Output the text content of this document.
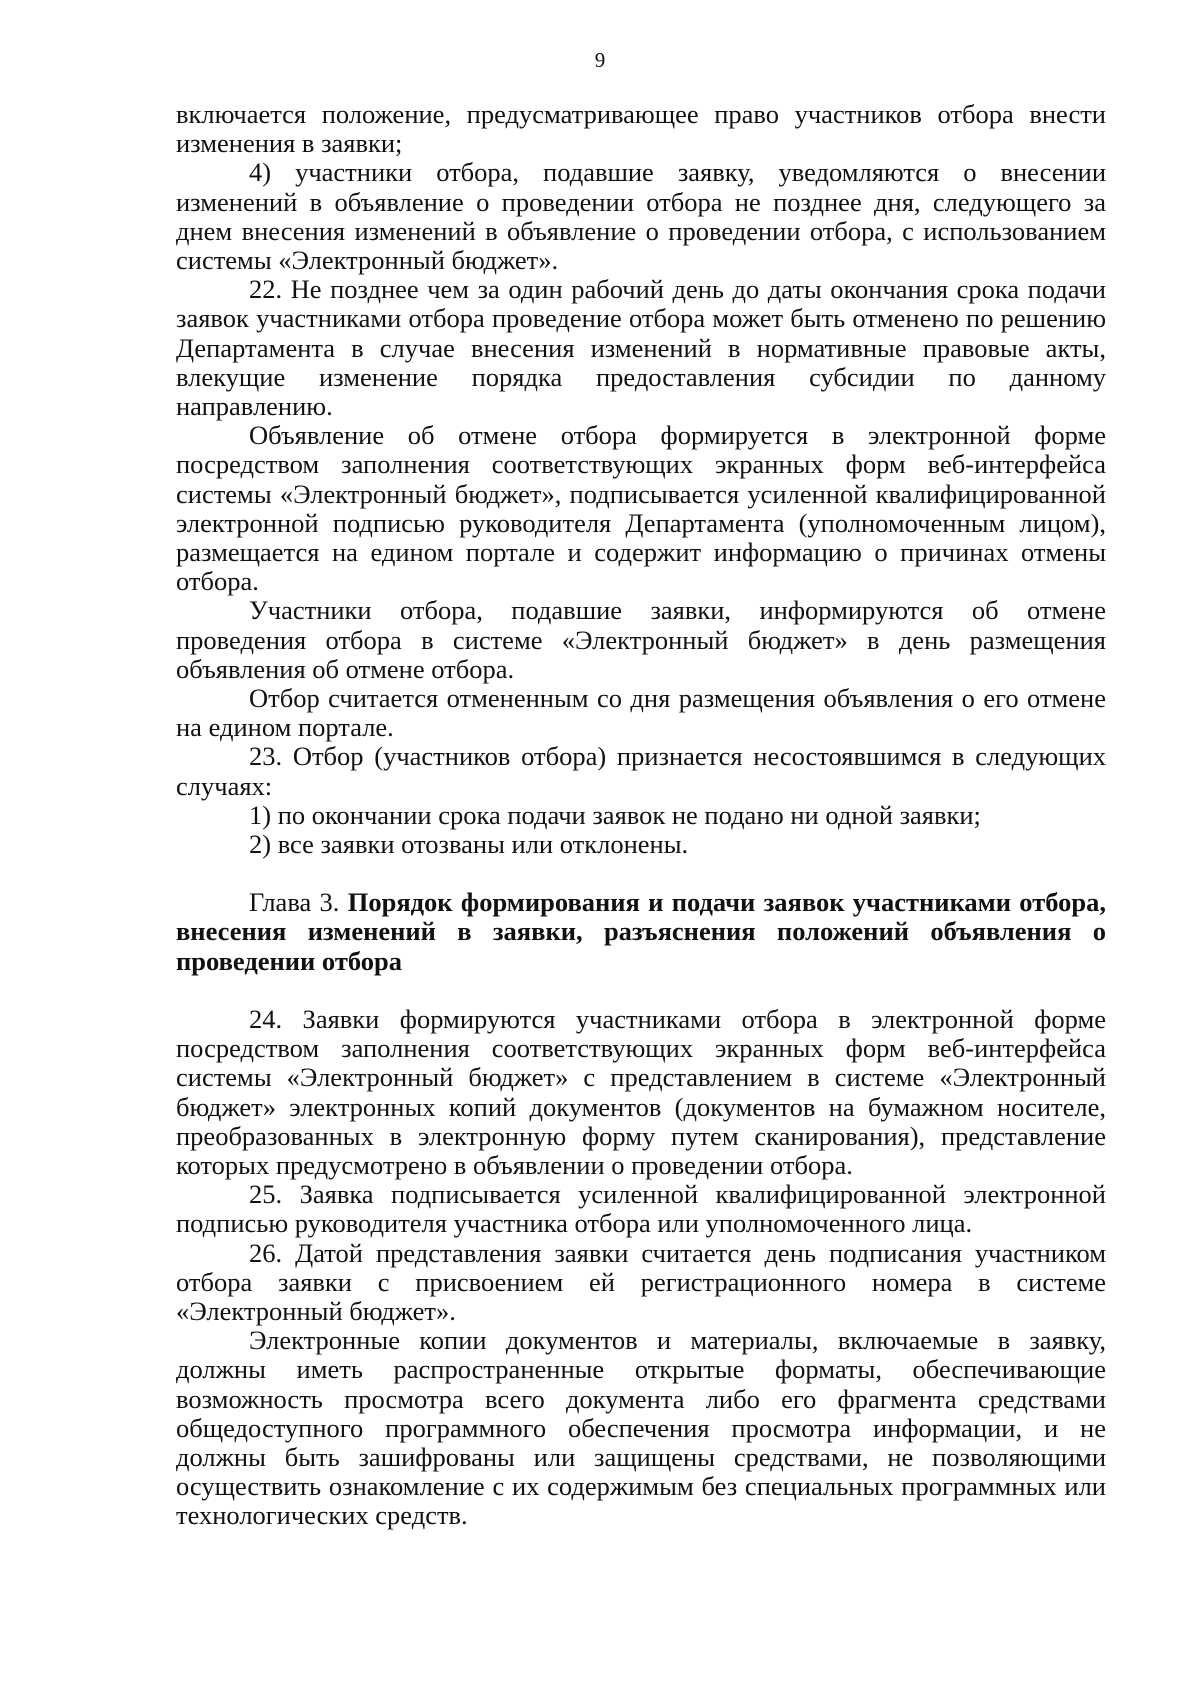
9

включается положение, предусматривающее право участников отбора внести изменения в заявки;

4) участники отбора, подавшие заявку, уведомляются о внесении изменений в объявление о проведении отбора не позднее дня, следующего за днем внесения изменений в объявление о проведении отбора, с использованием системы «Электронный бюджет».

22. Не позднее чем за один рабочий день до даты окончания срока подачи заявок участниками отбора проведение отбора может быть отменено по решению Департамента в случае внесения изменений в нормативные правовые акты, влекущие изменение порядка предоставления субсидии по данному направлению.

Объявление об отмене отбора формируется в электронной форме посредством заполнения соответствующих экранных форм веб-интерфейса системы «Электронный бюджет», подписывается усиленной квалифицированной электронной подписью руководителя Департамента (уполномоченным лицом), размещается на едином портале и содержит информацию о причинах отмены отбора.

Участники отбора, подавшие заявки, информируются об отмене проведения отбора в системе «Электронный бюджет» в день размещения объявления об отмене отбора.

Отбор считается отмененным со дня размещения объявления о его отмене на едином портале.

23. Отбор (участников отбора) признается несостоявшимся в следующих случаях:

1) по окончании срока подачи заявок не подано ни одной заявки;

2) все заявки отозваны или отклонены.

Глава 3. Порядок формирования и подачи заявок участниками отбора, внесения изменений в заявки, разъяснения положений объявления о проведении отбора

24. Заявки формируются участниками отбора в электронной форме посредством заполнения соответствующих экранных форм веб-интерфейса системы «Электронный бюджет» с представлением в системе «Электронный бюджет» электронных копий документов (документов на бумажном носителе, преобразованных в электронную форму путем сканирования), представление которых предусмотрено в объявлении о проведении отбора.

25. Заявка подписывается усиленной квалифицированной электронной подписью руководителя участника отбора или уполномоченного лица.

26. Датой представления заявки считается день подписания участником отбора заявки с присвоением ей регистрационного номера в системе «Электронный бюджет».

Электронные копии документов и материалы, включаемые в заявку, должны иметь распространенные открытые форматы, обеспечивающие возможность просмотра всего документа либо его фрагмента средствами общедоступного программного обеспечения просмотра информации, и не должны быть зашифрованы или защищены средствами, не позволяющими осуществить ознакомление с их содержимым без специальных программных или технологических средств.
